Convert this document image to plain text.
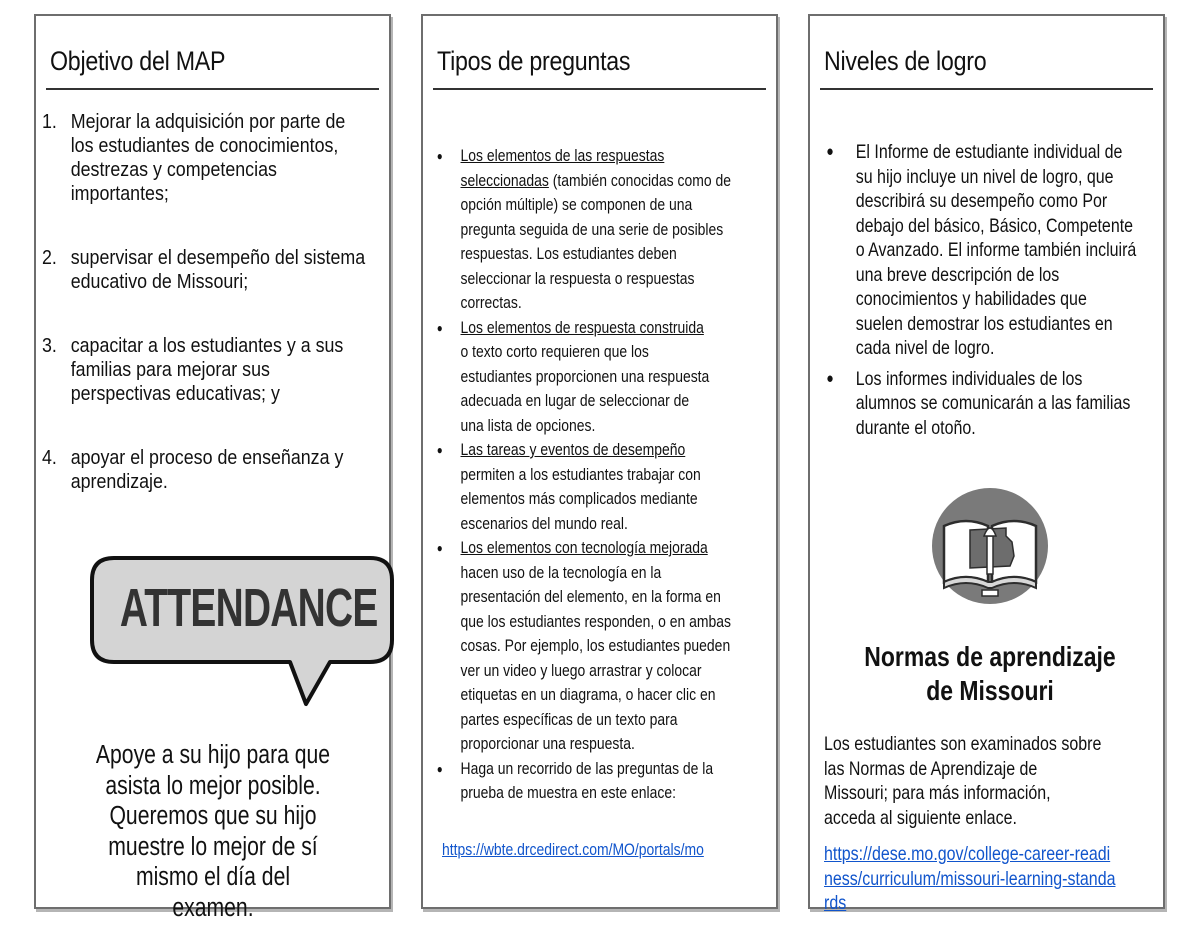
Objetivo del MAP
1. Mejorar la adquisición por parte de los estudiantes de conocimientos, destrezas y competencias importantes;
2. supervisar el desempeño del sistema educativo de Missouri;
3. capacitar a los estudiantes y a sus familias para mejorar sus perspectivas educativas; y
4. apoyar el proceso de enseñanza y aprendizaje.
ATTENDANCE
Apoye a su hijo para que asista lo mejor posible. Queremos que su hijo muestre lo mejor de sí mismo el día del examen.
Tipos de preguntas
● Los elementos de las respuestas
seleccionadas (también conocidas como de
opción múltiple) se componen de una
pregunta seguida de una serie de posibles
respuestas. Los estudiantes deben
seleccionar la respuesta o respuestas
correctas.
● Los elementos de respuesta construida
o texto corto requieren que los
estudiantes proporcionen una respuesta
adecuada en lugar de seleccionar de
una lista de opciones.
● Las tareas y eventos de desempeño
permiten a los estudiantes trabajar con
elementos más complicados mediante
escenarios del mundo real.
● Los elementos con tecnología mejorada
hacen uso de la tecnología en la
presentación del elemento, en la forma en
que los estudiantes responden, o en ambas
cosas. Por ejemplo, los estudiantes pueden
ver un video y luego arrastrar y colocar
etiquetas en un diagrama, o hacer clic en
partes específicas de un texto para
proporcionar una respuesta.
● Haga un recorrido de las preguntas de la
prueba de muestra en este enlace:
https://wbte.drcedirect.com/MO/portals/mo
Niveles de logro
● El Informe de estudiante individual de
su hijo incluye un nivel de logro, que
describirá su desempeño como Por
debajo del básico, Básico, Competente
o Avanzado. El informe también incluirá
una breve descripción de los
conocimientos y habilidades que
suelen demostrar los estudiantes en
cada nivel de logro.
● Los informes individuales de los
alumnos se comunicarán a las familias
durante el otoño.
Normas de aprendizaje de Missouri
Los estudiantes son examinados sobre
las Normas de Aprendizaje de
Missouri; para más información,
acceda al siguiente enlace.
https://dese.mo.gov/college-career-readi
ness/curriculum/missouri-learning-standa
rds
